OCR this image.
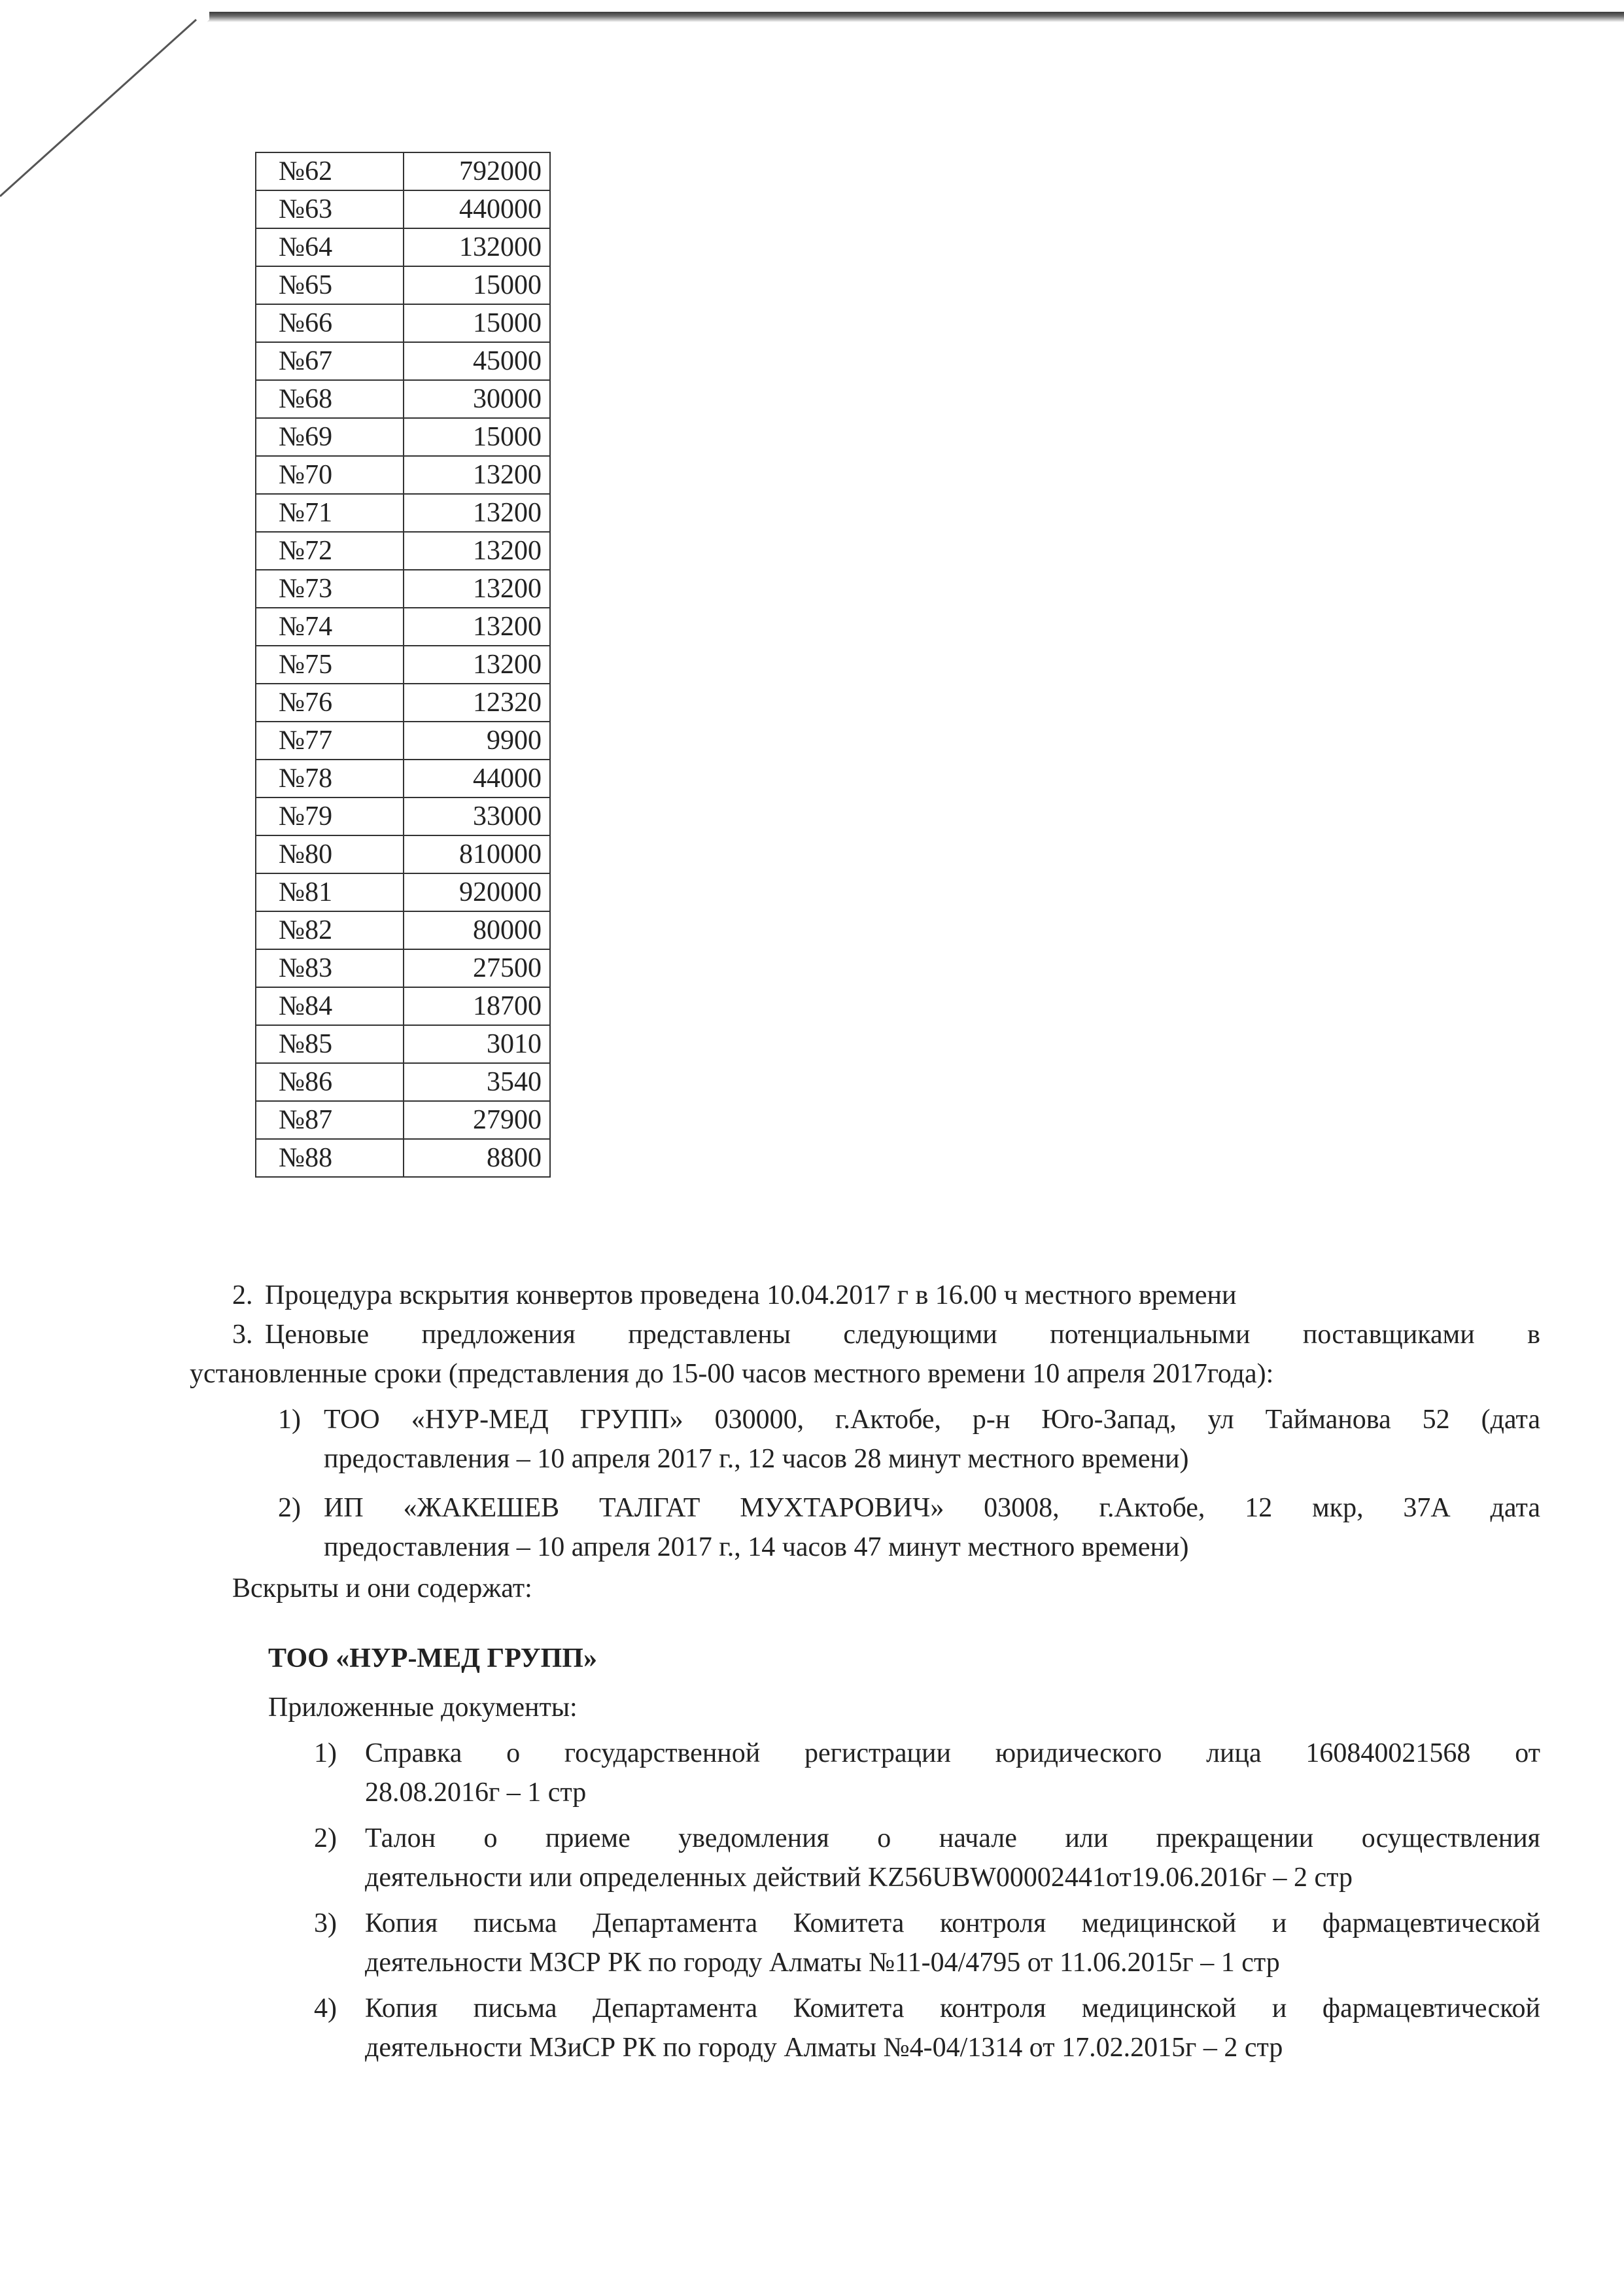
№62	792000
№63	440000
№64	132000
№65	15000
№66	15000
№67	45000
№68	30000
№69	15000
№70	13200
№71	13200
№72	13200
№73	13200
№74	13200
№75	13200
№76	12320
№77	9900
№78	44000
№79	33000
№80	810000
№81	920000
№82	80000
№83	27500
№84	18700
№85	3010
№86	3540
№87	27900
№88	8800
2. Процедура вскрытия конвертов проведена 10.04.2017 г в 16.00 ч местного времени
3. Ценовые предложения представлены следующими потенциальными поставщиками в
установленные сроки (представления до 15-00 часов местного времени 10 апреля 2017года):
1) ТОО «НУР-МЕД ГРУПП» 030000, г.Актобе, р-н Юго-Запад, ул Тайманова 52 (дата
предоставления – 10 апреля 2017 г., 12 часов 28 минут местного времени)
2) ИП «ЖАКЕШЕВ ТАЛГАТ МУХТАРОВИЧ» 03008, г.Актобе, 12 мкр, 37А дата
предоставления – 10 апреля 2017 г., 14 часов 47 минут местного времени)
Вскрыты и они содержат:
ТОО «НУР-МЕД ГРУПП»
Приложенные документы:
1) Справка о государственной регистрации юридического лица 160840021568 от
28.08.2016г – 1 стр
2) Талон о приеме уведомления о начале или прекращении осуществления
деятельности или определенных действий KZ56UBW00002441от19.06.2016г – 2 стр
3) Копия письма Департамента Комитета контроля медицинской и фармацевтической
деятельности МЗСР РК по городу Алматы №11-04/4795 от 11.06.2015г – 1 стр
4) Копия письма Департамента Комитета контроля медицинской и фармацевтической
деятельности МЗиСР РК по городу Алматы №4-04/1314 от 17.02.2015г – 2 стр
